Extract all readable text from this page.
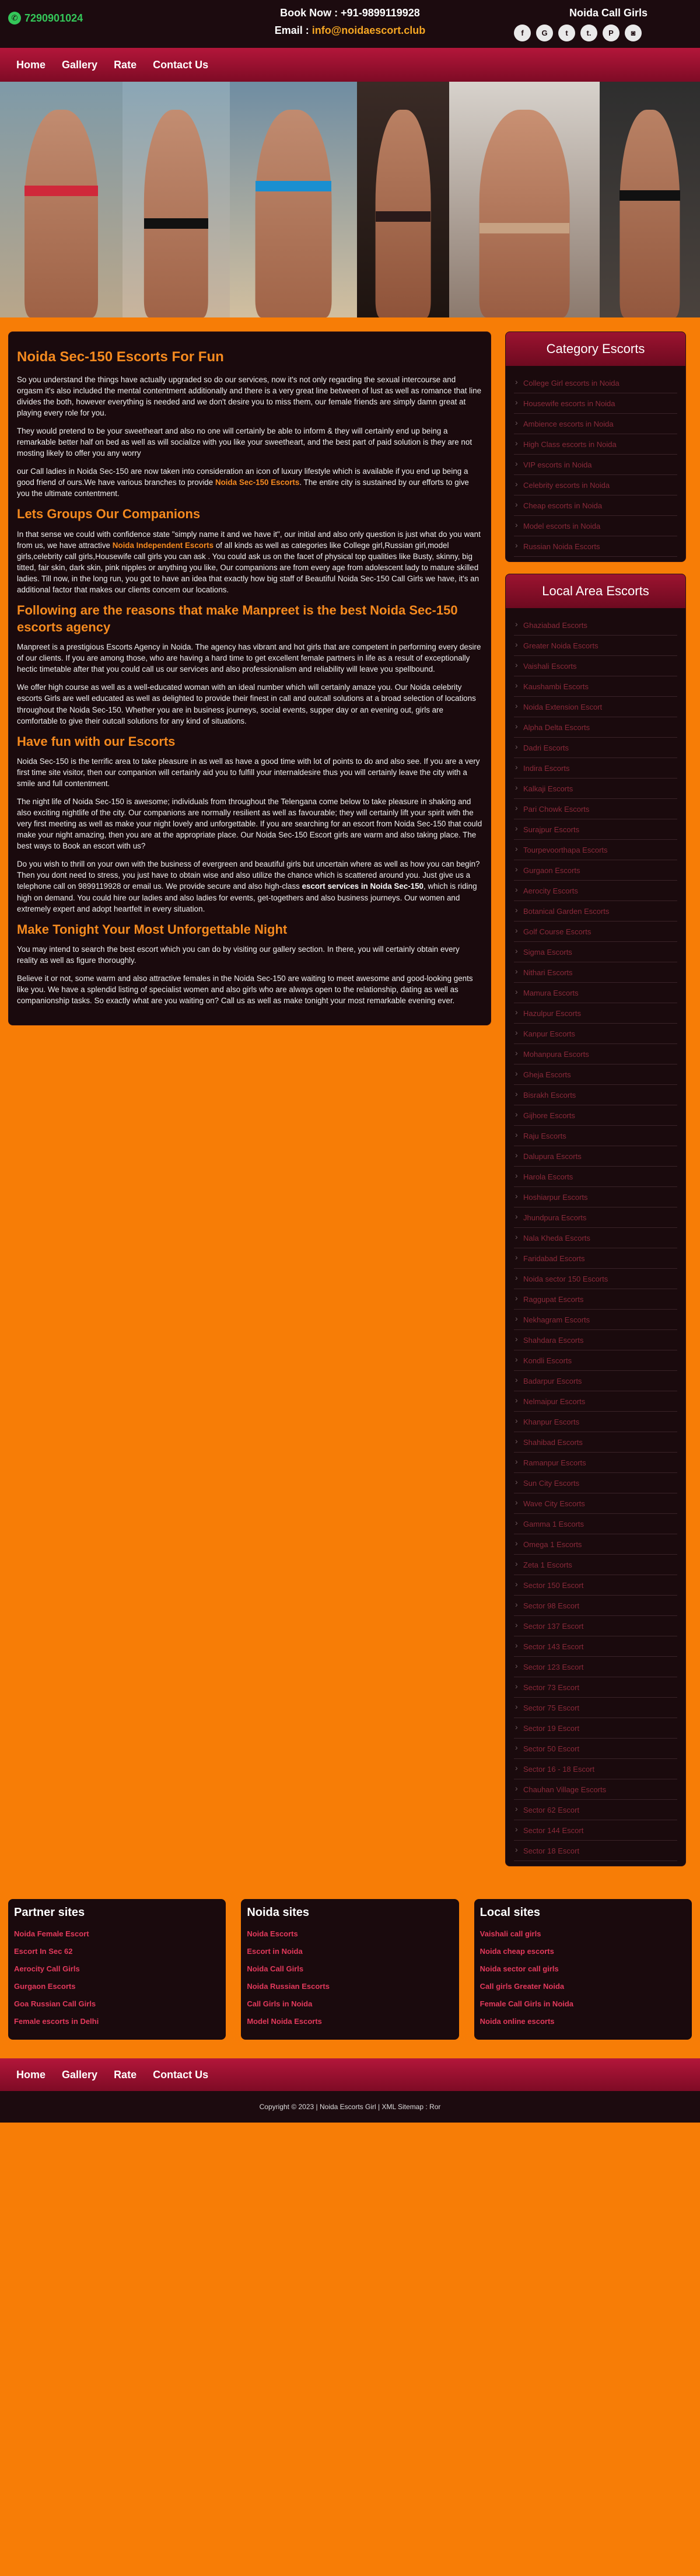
✆ 7290901024	Book Now : +91-9899119928
Email : info@noidaescort.club
Noida Call Girls
f	G	t	t.	P	◙
Home Gallery Rate Contact Us
Noida Sec-150 Escorts For Fun

So you understand the things have actually upgraded so do our services, now it's not only regarding the sexual intercourse and orgasm it's also included the mental contentment additionally and there is a very great line between of lust as well as romance that line divides the both, however everything is needed and we don't desire you to miss them, our female friends are simply damn great at playing every role for you.

They would pretend to be your sweetheart and also no one will certainly be able to inform & they will certainly end up being a remarkable better half on bed as well as will socialize with you like your sweetheart, and the best part of paid solution is they are not mosting likely to offer you any worry

our Call ladies in Noida Sec-150 are now taken into consideration an icon of luxury lifestyle which is available if you end up being a good friend of ours.We have various branches to provide Noida Sec-150 Escorts. The entire city is sustained by our efforts to give you the ultimate contentment.

Lets Groups Our Companions

In that sense we could with confidence state "simply name it and we have it", our initial and also only question is just what do you want from us, we have attractive Noida Independent Escorts of all kinds as well as categories like College girl,Russian girl,model girls,celebrity call girls,Housewife call girls you can ask . You could ask us on the facet of physical top qualities like Busty, skinny, big titted, fair skin, dark skin, pink nipples or anything you like, Our companions are from every age from adolescent lady to mature skilled ladies. Till now, in the long run, you got to have an idea that exactly how big staff of Beautiful Noida Sec-150 Call Girls we have, it's an additional factor that makes our clients concern our locations.

Following are the reasons that make Manpreet is the best Noida Sec-150 escorts agency

Manpreet is a prestigious Escorts Agency in Noida. The agency has vibrant and hot girls that are competent in performing every desire of our clients. If you are among those, who are having a hard time to get excellent female partners in life as a result of exceptionally hectic timetable after that you could call us our services and also professionalism and reliability will leave you spellbound.

We offer high course as well as a well-educated woman with an ideal number which will certainly amaze you. Our Noida celebrity escorts Girls are well educated as well as delighted to provide their finest in call and outcall solutions at a broad selection of locations throughout the Noida Sec-150. Whether you are in business journeys, social events, supper day or an evening out, girls are comfortable to give their outcall solutions for any kind of situations.

Have fun with our Escorts

Noida Sec-150 is the terrific area to take pleasure in as well as have a good time with lot of points to do and also see. If you are a very first time site visitor, then our companion will certainly aid you to fulfill your internaldesire thus you will certainly leave the city with a smile and full contentment.

The night life of Noida Sec-150 is awesome; individuals from throughout the Telengana come below to take pleasure in shaking and also exciting nightlife of the city. Our companions are normally resilient as well as favourable; they will certainly lift your spirit with the very first meeting as well as make your night lovely and unforgettable. If you are searching for an escort from Noida Sec-150 that could make your night amazing, then you are at the appropriate place. Our Noida Sec-150 Escort girls are warm and also taking place. The best ways to Book an escort with us?

Do you wish to thrill on your own with the business of evergreen and beautiful girls but uncertain where as well as how you can begin? Then you dont need to stress, you just have to obtain wise and also utilize the chance which is scattered around you. Just give us a telephone call on 9899119928 or email us. We provide secure and also high-class escort services in Noida Sec-150, which is riding high on demand. You could hire our ladies and also ladies for events, get-togethers and also business journeys. Our women and extremely expert and adopt heartfelt in every situation.

Make Tonight Your Most Unforgettable Night

You may intend to search the best escort which you can do by visiting our gallery section. In there, you will certainly obtain every reality as well as figure thoroughly.

Believe it or not, some warm and also attractive females in the Noida Sec-150 are waiting to meet awesome and good-looking gents like you. We have a splendid listing of specialist women and also girls who are always open to the relationship, dating as well as companionship tasks. So exactly what are you waiting on? Call us as well as make tonight your most remarkable evening ever.

Category Escorts
› College Girl escorts in Noida
› Housewife escorts in Noida
› Ambience escorts in Noida
› High Class escorts in Noida
› VIP escorts in Noida
› Celebrity escorts in Noida
› Cheap escorts in Noida
› Model escorts in Noida
› Russian Noida Escorts
Local Area Escorts
› Ghaziabad Escorts
› Greater Noida Escorts
› Vaishali Escorts
› Kaushambi Escorts
› Noida Extension Escort
› Alpha Delta Escorts
› Dadri Escorts
› Indira Escorts
› Kalkaji Escorts
› Pari Chowk Escorts
› Surajpur Escorts
› Tourpevoorthapa Escorts
› Gurgaon Escorts
› Aerocity Escorts
› Botanical Garden Escorts
› Golf Course Escorts
› Sigma Escorts
› Nithari Escorts
› Mamura Escorts
› Hazulpur Escorts
› Kanpur Escorts
› Mohanpura Escorts
› Gheja Escorts
› Bisrakh Escorts
› Gijhore Escorts
› Raju Escorts
› Dalupura Escorts
› Harola Escorts
› Hoshiarpur Escorts
› Jhundpura Escorts
› Nala Kheda Escorts
› Faridabad Escorts
› Noida sector 150 Escorts
› Raggupat Escorts
› Nekhagram Escorts
› Shahdara Escorts
› Kondli Escorts
› Badarpur Escorts
› Nelmaipur Escorts
› Khanpur Escorts
› Shahibad Escorts
› Ramanpur Escorts
› Sun City Escorts
› Wave City Escorts
› Gamma 1 Escorts
› Omega 1 Escorts
› Zeta 1 Escorts
› Sector 150 Escort
› Sector 98 Escort
› Sector 137 Escort
› Sector 143 Escort
› Sector 123 Escort
› Sector 73 Escort
› Sector 75 Escort
› Sector 19 Escort
› Sector 50 Escort
› Sector 16 - 18 Escort
› Chauhan Village Escorts
› Sector 62 Escort
› Sector 144 Escort
› Sector 18 Escort
Partner sites
Noida Female Escort
Escort In Sec 62
Aerocity Call Girls
Gurgaon Escorts
Goa Russian Call Girls
Female escorts in Delhi
Noida sites
Noida Escorts
Escort in Noida
Noida Call Girls
Noida Russian Escorts
Call Girls in Noida
Model Noida Escorts
Local sites
Vaishali call girls
Noida cheap escorts
Noida sector call girls
Call girls Greater Noida
Female Call Girls in Noida
Noida online escorts
Home Gallery Rate Contact Us
Copyright © 2023 | Noida Escorts Girl | XML Sitemap : Ror
